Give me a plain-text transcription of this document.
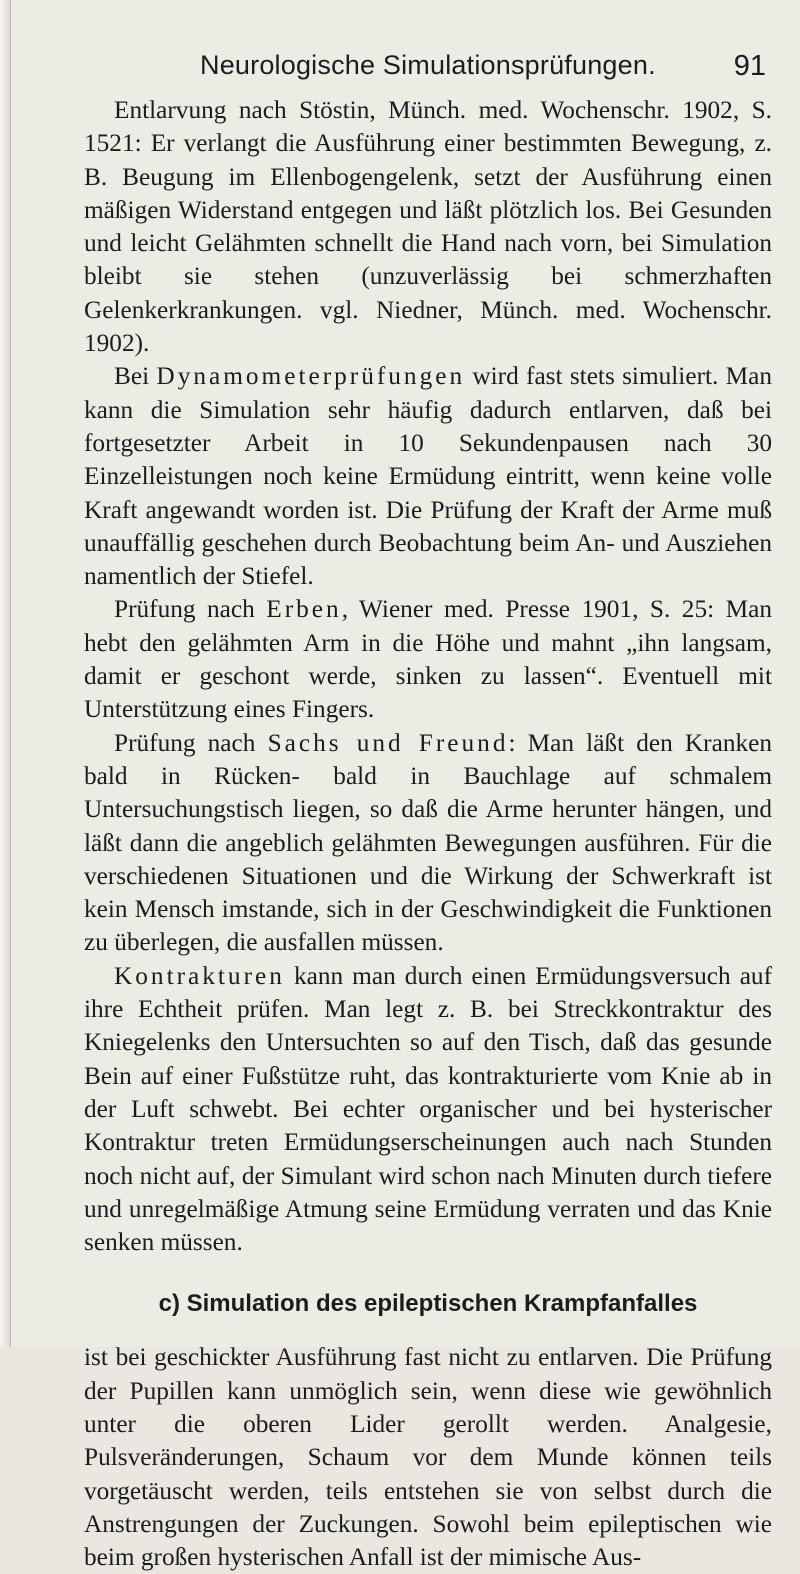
Neurologische Simulationsprüfungen.	91

Entlarvung nach Stöstin, Münch. med. Wochenschr. 1902, S. 1521: Er verlangt die Ausführung einer bestimmten Bewegung, z. B. Beugung im Ellenbogengelenk, setzt der Ausführung einen mäßigen Widerstand entgegen und läßt plötzlich los. Bei Gesunden und leicht Gelähmten schnellt die Hand nach vorn, bei Simulation bleibt sie stehen (unzuverlässig bei schmerzhaften Gelenkerkrankungen. vgl. Niedner, Münch. med. Wochenschr. 1902).

Bei Dynamometerprüfungen wird fast stets simuliert. Man kann die Simulation sehr häufig dadurch entlarven, daß bei fortgesetzter Arbeit in 10 Sekundenpausen nach 30 Einzelleistungen noch keine Ermüdung eintritt, wenn keine volle Kraft angewandt worden ist. Die Prüfung der Kraft der Arme muß unauffällig geschehen durch Beobachtung beim An- und Ausziehen namentlich der Stiefel.

Prüfung nach Erben, Wiener med. Presse 1901, S. 25: Man hebt den gelähmten Arm in die Höhe und mahnt „ihn langsam, damit er geschont werde, sinken zu lassen“. Eventuell mit Unterstützung eines Fingers.

Prüfung nach Sachs und Freund: Man läßt den Kranken bald in Rücken- bald in Bauchlage auf schmalem Untersuchungstisch liegen, so daß die Arme herunter hängen, und läßt dann die angeblich gelähmten Bewegungen ausführen. Für die verschiedenen Situationen und die Wirkung der Schwerkraft ist kein Mensch imstande, sich in der Geschwindigkeit die Funktionen zu überlegen, die ausfallen müssen.

Kontrakturen kann man durch einen Ermüdungsversuch auf ihre Echtheit prüfen. Man legt z. B. bei Streckkontraktur des Kniegelenks den Untersuchten so auf den Tisch, daß das gesunde Bein auf einer Fußstütze ruht, das kontrakturierte vom Knie ab in der Luft schwebt. Bei echter organischer und bei hysterischer Kontraktur treten Ermüdungserscheinungen auch nach Stunden noch nicht auf, der Simulant wird schon nach Minuten durch tiefere und unregelmäßige Atmung seine Ermüdung verraten und das Knie senken müssen.

c) Simulation des epileptischen Krampfanfalles

ist bei geschickter Ausführung fast nicht zu entlarven. Die Prüfung der Pupillen kann unmöglich sein, wenn diese wie gewöhnlich unter die oberen Lider gerollt werden. Analgesie, Pulsveränderungen, Schaum vor dem Munde können teils vorgetäuscht werden, teils entstehen sie von selbst durch die Anstrengungen der Zuckungen. Sowohl beim epileptischen wie beim großen hysterischen Anfall ist der mimische Aus-
